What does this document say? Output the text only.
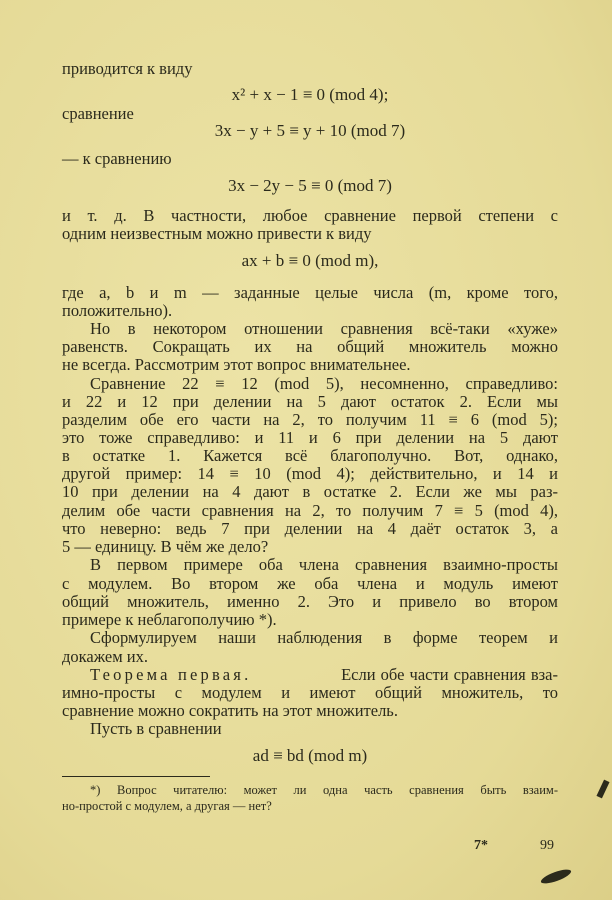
приводится к виду
x² + x − 1 ≡ 0 (mod 4);
сравнение
3x − y + 5 ≡ y + 10 (mod 7)
— к сравнению
3x − 2y − 5 ≡ 0 (mod 7)
и т. д. В частности, любое сравнение первой степени с
одним неизвестным можно привести к виду
ax + b ≡ 0 (mod m),
где a, b и m — заданные целые числа (m, кроме того,
положительно).
Но в некотором отношении сравнения всё-таки «хуже»
равенств. Сокращать их на общий множитель можно
не всегда. Рассмотрим этот вопрос внимательнее.
Сравнение 22 ≡ 12 (mod 5), несомненно, справедливо:
и 22 и 12 при делении на 5 дают остаток 2. Если мы
разделим обе его части на 2, то получим 11 ≡ 6 (mod 5);
это тоже справедливо: и 11 и 6 при делении на 5 дают
в остатке 1. Кажется всё благополучно. Вот, однако,
другой пример: 14 ≡ 10 (mod 4); действительно, и 14 и
10 при делении на 4 дают в остатке 2. Если же мы раз-
делим обе части сравнения на 2, то получим 7 ≡ 5 (mod 4),
что неверно: ведь 7 при делении на 4 даёт остаток 3, а
5 — единицу. В чём же дело?
В первом примере оба члена сравнения взаимно-просты
с модулем. Во втором же оба члена и модуль имеют
общий множитель, именно 2. Это и привело во втором
примере к неблагополучию *).
Сформулируем наши наблюдения в форме теорем и
докажем их.
Теорема первая.	Если обе части сравнения вза-
имно-просты с модулем и имеют общий множитель, то
сравнение можно сократить на этот множитель.
Пусть в сравнении
ad ≡ bd (mod m)
*) Вопрос читателю: может ли одна часть сравнения быть взаим-
но-простой с модулем, а другая — нет?
7*	99
